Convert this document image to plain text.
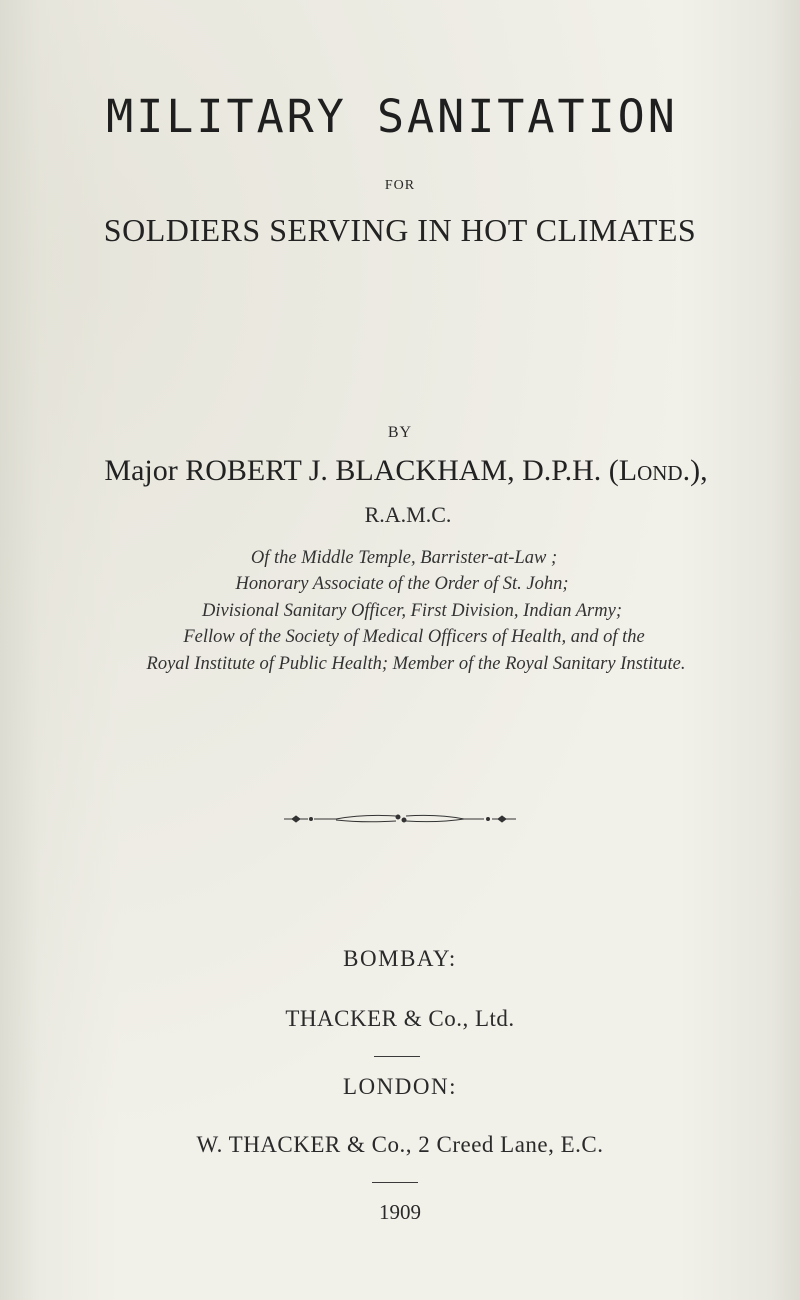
MILITARY SANITATION
FOR
SOLDIERS SERVING IN HOT CLIMATES
BY
Major ROBERT J. BLACKHAM, D.P.H. (Lond.),
R.A.M.C.
Of the Middle Temple, Barrister-at-Law ;
Honorary Associate of the Order of St. John;
Divisional Sanitary Officer, First Division, Indian Army;
Fellow of the Society of Medical Officers of Health, and of the
Royal Institute of Public Health; Member of the Royal Sanitary Institute.
BOMBAY:
THACKER & Co., Ltd.
LONDON:
W. THACKER & Co., 2 Creed Lane, E.C.
1909
